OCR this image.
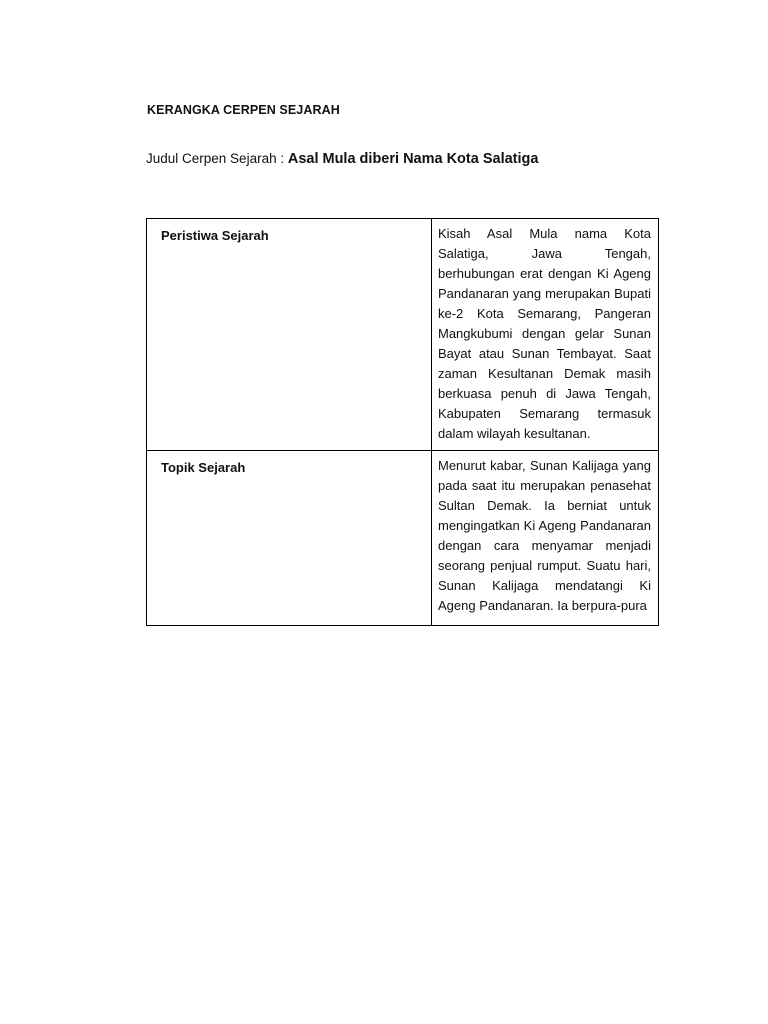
KERANGKA CERPEN SEJARAH
Judul Cerpen Sejarah : Asal Mula diberi Nama Kota Salatiga
Peristiwa Sejarah	Kisah Asal Mula nama Kota Salatiga, Jawa Tengah, berhubungan erat dengan Ki Ageng Pandanaran yang merupakan Bupati ke-2 Kota Semarang, Pangeran Mangkubumi dengan gelar Sunan Bayat atau Sunan Tembayat. Saat zaman Kesultanan Demak masih berkuasa penuh di Jawa Tengah, Kabupaten Semarang termasuk dalam wilayah kesultanan.
Topik Sejarah	Menurut kabar, Sunan Kalijaga yang pada saat itu merupakan penasehat Sultan Demak. Ia berniat untuk mengingatkan Ki Ageng Pandanaran dengan cara menyamar menjadi seorang penjual rumput. Suatu hari, Sunan Kalijaga mendatangi Ki Ageng Pandanaran. Ia berpura-pura
